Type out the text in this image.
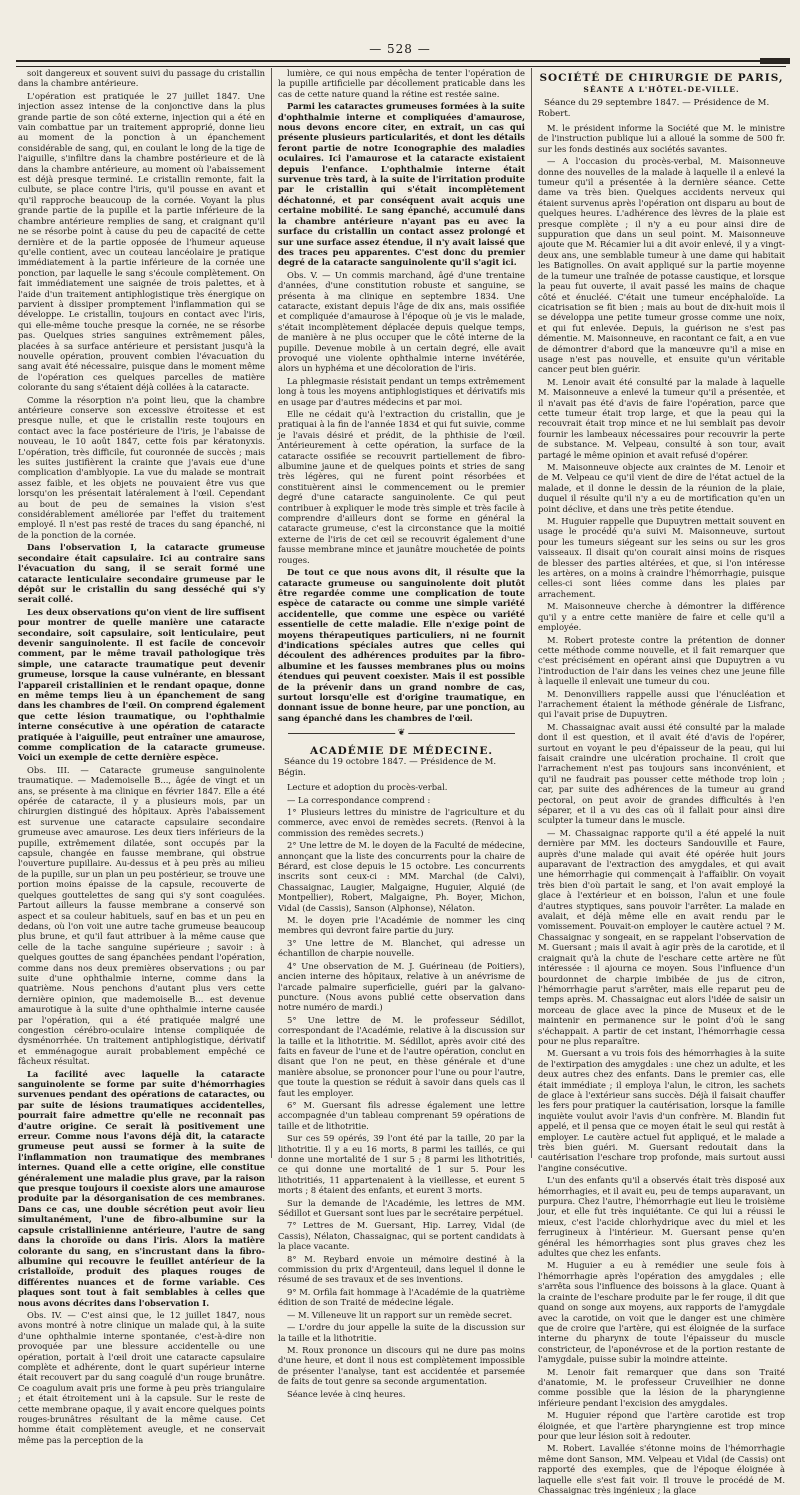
— 528 —

soit dangereux et souvent suivi du passage du cristallin dans la chambre antérieure.

L'opération est pratiquée le 27 juillet 1847. Une injection assez intense de la conjonctive dans la plus grande partie de son côté externe, injection qui a été en vain combattue par un traitement approprié, donne lieu au moment de la ponction à un épanchement considérable de sang, qui, en coulant le long de la tige de l'aiguille, s'infiltre dans la chambre postérieure et de là dans la chambre antérieure, au moment où l'abaissement est déjà presque terminé. Le cristallin remonte, fait la culbute, se place contre l'iris, qu'il pousse en avant et qu'il rapproche beaucoup de la cornée. Voyant la plus grande partie de la pupille et la partie inférieure de la chambre antérieure remplies de sang, et craignant qu'il ne se résorbe point à cause du peu de capacité de cette dernière et de la partie opposée de l'humeur aqueuse qu'elle contient, avec un couteau lancéolaire je pratique immédiatement à la partie inférieure de la cornée une ponction, par laquelle le sang s'écoule complètement. On fait immédiatement une saignée de trois palettes, et à l'aide d'un traitement antiphlogistique très énergique on parvient à dissiper promptement l'inflammation qui se développe. Le cristallin, toujours en contact avec l'iris, qui elle-même touche presque la cornée, ne se résorbe pas. Quelques stries sanguines extrêmement pâles, placées à sa surface antérieure et persistant jusqu'à la nouvelle opération, prouvent combien l'évacuation du sang avait été nécessaire, puisque dans le moment même de l'opération ces quelques parcelles de matière colorante du sang s'étaient déjà collées à la cataracte.

Comme la résorption n'a point lieu, que la chambre antérieure conserve son excessive étroitesse et est presque nulle, et que le cristallin reste toujours en contact avec la face postérieure de l'iris, je l'abaisse de nouveau, le 10 août 1847, cette fois par kératonyxis. L'opération, très difficile, fut couronnée de succès ; mais les suites justifièrent la crainte que j'avais eue d'une complication d'amblyopie. La vue du malade se montrait assez faible, et les objets ne pouvaient être vus que lorsqu'on les présentait latéralement à l'œil. Cependant au bout de peu de semaines la vision s'est considérablement améliorée par l'effet du traitement employé. Il n'est pas resté de traces du sang épanché, ni de la ponction de la cornée.

Dans l'observation I, la cataracte grumeuse secondaire était capsulaire. Ici au contraire sans l'évacuation du sang, il se serait formé une cataracte lenticulaire secondaire grumeuse par le dépôt sur le cristallin du sang desséché qui s'y serait collé.

Les deux observations qu'on vient de lire suffisent pour montrer de quelle manière une cataracte secondaire, soit capsulaire, soit lenticulaire, peut devenir sanguinolente. Il est facile de concevoir comment, par le même travail pathologique très simple, une cataracte traumatique peut devenir grumeuse, lorsque la cause vulnérante, en blessant l'appareil cristallinien et le rendant opaque, donne en même temps lieu à un épanchement de sang dans les chambres de l'œil. On comprend également que cette lésion traumatique, ou l'ophthalmie interne consécutive à une opération de cataracte pratiquée à l'aiguille, peut entraîner une amaurose, comme complication de la cataracte grumeuse. Voici un exemple de cette dernière espèce.

Obs. III. — Cataracte grumeuse sanguinolente traumatique. — Mademoiselle B..., âgée de vingt et un ans, se présente à ma clinique en février 1847. Elle a été opérée de cataracte, il y a plusieurs mois, par un chirurgien distingué des hôpitaux. Après l'abaissement est survenue une cataracte capsulaire secondaire grumeuse avec amaurose. Les deux tiers inférieurs de la pupille, extrêmement dilatée, sont occupés par la capsule, changée en fausse membrane, qui obstrue l'ouverture pupillaire. Au-dessus et à peu près au milieu de la pupille, sur un plan un peu postérieur, se trouve une portion moins épaisse de la capsule, recouverte de quelques gouttelettes de sang qui s'y sont coagulées. Partout ailleurs la fausse membrane a conservé son aspect et sa couleur habituels, sauf en bas et un peu en dedans, où l'on voit une autre tache grumeuse beaucoup plus brune, et qu'il faut attribuer à la même cause que celle de la tache sanguine supérieure ; savoir : à quelques gouttes de sang épanchées pendant l'opération, comme dans nos deux premières observations ; ou par suite d'une ophthalmie interne, comme dans la quatrième. Nous penchons d'autant plus vers cette dernière opinion, que mademoiselle B... est devenue amaurotique à la suite d'une ophthalmie interne causée par l'opération, qui a été pratiquée malgré une congestion cérébro-oculaire intense compliquée de dysménorrhée. Un traitement antiphlogistique, dérivatif et emménagogue aurait probablement empêché ce fâcheux résultat.

La facilité avec laquelle la cataracte sanguinolente se forme par suite d'hémorrhagies survenues pendant des opérations de cataractes, ou par suite de lésions traumatiques accidentelles, pourrait faire admettre qu'elle ne reconnaît pas d'autre origine. Ce serait là positivement une erreur. Comme nous l'avons déjà dit, la cataracte grumeuse peut aussi se former à la suite de l'inflammation non traumatique des membranes internes. Quand elle a cette origine, elle constitue généralement une maladie plus grave, par la raison que presque toujours il coexiste alors une amaurose produite par la désorganisation de ces membranes. Dans ce cas, une double sécrétion peut avoir lieu simultanément, l'une de fibro-albumine sur la capsule cristallinienne antérieure, l'autre de sang dans la choroïde ou dans l'iris. Alors la matière colorante du sang, en s'incrustant dans la fibro-albumine qui recouvre le feuillet antérieur de la cristalloïde, produit des plaques rouges de différentes nuances et de forme variable. Ces plaques sont tout à fait semblables à celles que nous avons décrites dans l'observation I.

Obs. IV. — C'est ainsi que, le 12 juillet 1847, nous avons montré à notre clinique un malade qui, à la suite d'une ophthalmie interne spontanée, c'est-à-dire non provoquée par une blessure accidentelle ou une opération, portait à l'œil droit une cataracte capsulaire complète et adhérente, dont le quart supérieur interne était recouvert par du sang coagulé d'un rouge brunâtre. Ce coagulum avait pris une forme à peu près triangulaire ; et était étroitement uni à la capsule. Sur le reste de cette membrane opaque, il y avait encore quelques points rouges-brunâtres résultant de la même cause. Cet homme était complètement aveugle, et ne conservait même pas la perception de la

lumière, ce qui nous empêcha de tenter l'opération de la pupille artificielle par décollement praticable dans les cas de cette nature quand la rétine est restée saine.

Parmi les cataractes grumeuses formées à la suite d'ophthalmie interne et compliquées d'amaurose, nous devons encore citer, en extrait, un cas qui présente plusieurs particularités, et dont les détails feront partie de notre Iconographie des maladies oculaires. Ici l'amaurose et la cataracte existaient depuis l'enfance. L'ophthalmie interne était survenue très tard, à la suite de l'irritation produite par le cristallin qui s'était incomplètement déchatonné, et par conséquent avait acquis une certaine mobilité. Le sang épanché, accumulé dans la chambre antérieure n'ayant pas eu avec la surface du cristallin un contact assez prolongé et sur une surface assez étendue, il n'y avait laissé que des traces peu apparentes. C'est donc du premier degré de la cataracte sanguinolente qu'il s'agit ici.

Obs. V. — Un commis marchand, âgé d'une trentaine d'années, d'une constitution robuste et sanguine, se présenta à ma clinique en septembre 1834. Une cataracte, existant depuis l'âge de dix ans, mais ossifiée et compliquée d'amaurose à l'époque où je vis le malade, s'était incomplètement déplacée depuis quelque temps, de manière à ne plus occuper que le côté interne de la pupille. Devenue mobile à un certain degré, elle avait provoqué une violente ophthalmie interne invétérée, alors un hyphéma et une décoloration de l'iris.

La phlegmasie résistait pendant un temps extrêmement long à tous les moyens antiphlogistiques et dérivatifs mis en usage par d'autres médecins et par moi.

Elle ne cédait qu'à l'extraction du cristallin, que je pratiquai à la fin de l'année 1834 et qui fut suivie, comme je l'avais désiré et prédit, de la phthisie de l'œil. Antérieurement à cette opération, la surface de la cataracte ossifiée se recouvrit partiellement de fibro-albumine jaune et de quelques points et stries de sang très légères, qui ne furent point résorbées et constituèrent ainsi le commencement ou le premier degré d'une cataracte sanguinolente. Ce qui peut contribuer à expliquer le mode très simple et très facile à comprendre d'ailleurs dont se forme en général la cataracte grumeuse, c'est la circonstance que la moitié externe de l'iris de cet œil se recouvrit également d'une fausse membrane mince et jaunâtre mouchetée de points rouges.

De tout ce que nous avons dit, il résulte que la cataracte grumeuse ou sanguinolente doit plutôt être regardée comme une complication de toute espèce de cataracte ou comme une simple variété accidentelle, que comme une espèce ou variété essentielle de cette maladie. Elle n'exige point de moyens thérapeutiques particuliers, ni ne fournit d'indications spéciales autres que celles qui découlent des adhérences produites par la fibro-albumine et les fausses membranes plus ou moins étendues qui peuvent coexister. Mais il est possible de la prévenir dans un grand nombre de cas, surtout lorsqu'elle est d'origine traumatique, en donnant issue de bonne heure, par une ponction, au sang épanché dans les chambres de l'œil.

❦
ACADÉMIE DE MÉDECINE.

Séance du 19 octobre 1847. — Présidence de M. Bégin.

Lecture et adoption du procès-verbal.

— La correspondance comprend :

1° Plusieurs lettres du ministre de l'agriculture et du commerce, avec envoi de remèdes secrets. (Renvoi à la commission des remèdes secrets.)

2° Une lettre de M. le doyen de la Faculté de médecine, annonçant que la liste des concurrents pour la chaire de Bérard, est close depuis le 15 octobre. Les concurrents inscrits sont ceux-ci : MM. Marchal (de Calvi), Chassaignac, Laugier, Malgaigne, Huguier, Alquié (de Montpellier), Robert, Malgaigne, Ph. Boyer, Michon, Vidal (de Cassis), Sanson (Alphonse), Nélaton.

M. le doyen prie l'Académie de nommer les cinq membres qui devront faire partie du jury.

3° Une lettre de M. Blanchet, qui adresse un échantillon de charpie nouvelle.

4° Une observation de M. J. Guérineau (de Poitiers), ancien interne des hôpitaux, relative à un anévrisme de l'arcade palmaire superficielle, guéri par la galvano-puncture. (Nous avons publié cette observation dans notre numéro de mardi.)

5° Une lettre de M. le professeur Sédillot, correspondant de l'Académie, relative à la discussion sur la taille et la lithotritie. M. Sédillot, après avoir cité des faits en faveur de l'une et de l'autre opération, conclut en disant que l'on ne peut, en thèse générale et d'une manière absolue, se prononcer pour l'une ou pour l'autre, que toute la question se réduit à savoir dans quels cas il faut les employer.

6° M. Guersant fils adresse également une lettre accompagnée d'un tableau comprenant 59 opérations de taille et de lithotritie.

Sur ces 59 opérés, 39 l'ont été par la taille, 20 par la lithotritie. Il y a eu 16 morts, 8 parmi les taillés, ce qui donne une mortalité de 1 sur 5 ; 8 parmi les lithotritiés, ce qui donne une mortalité de 1 sur 5. Pour les lithotritiés, 11 appartenaient à la vieillesse, et eurent 5 morts ; 8 étaient des enfants, et eurent 3 morts.

Sur la demande de l'Académie, les lettres de MM. Sédillot et Guersant sont lues par le secrétaire perpétuel.

7° Lettres de M. Guersant, Hip. Larrey, Vidal (de Cassis), Nélaton, Chassaignac, qui se portent candidats à la place vacante.

8° M. Reybard envoie un mémoire destiné à la commission du prix d'Argenteuil, dans lequel il donne le résumé de ses travaux et de ses inventions.

9° M. Orfila fait hommage à l'Académie de la quatrième édition de son Traité de médecine légale.

— M. Villeneuve lit un rapport sur un remède secret.

— L'ordre du jour appelle la suite de la discussion sur la taille et la lithotritie.

M. Roux prononce un discours qui ne dure pas moins d'une heure, et dont il nous est complètement impossible de présenter l'analyse, tant est accidentée et parsemée de faits de tout genre sa seconde argumentation.

Séance levée à cinq heures.

SOCIÉTÉ DE CHIRURGIE DE PARIS,
SÉANTE A L'HÔTEL-DE-VILLE.

Séance du 29 septembre 1847. — Présidence de M. Robert.

M. le président informe la Société que M. le ministre de l'instruction publique lui a alloué la somme de 500 fr. sur les fonds destinés aux sociétés savantes.

— A l'occasion du procès-verbal, M. Maisonneuve donne des nouvelles de la malade à laquelle il a enlevé la tumeur qu'il a présentée à la dernière séance. Cette dame va très bien. Quelques accidents nerveux qui étaient survenus après l'opération ont disparu au bout de quelques heures. L'adhérence des lèvres de la plaie est presque complète ; il n'y a eu pour ainsi dire de suppuration que dans un seul point. M. Maisonneuve ajoute que M. Récamier lui a dit avoir enlevé, il y a vingt-deux ans, une semblable tumeur à une dame qui habitait les Batignolles. On avait appliqué sur la partie moyenne de la tumeur une traînée de potasse caustique, et lorsque la peau fut ouverte, il avait passé les mains de chaque côté et énucléé. C'était une tumeur encéphaloïde. La cicatrisation se fit bien ; mais au bout de dix-huit mois il se développa une petite tumeur grosse comme une noix, et qui fut enlevée. Depuis, la guérison ne s'est pas démentie. M. Maisonneuve, en racontant ce fait, a en vue de démontrer d'abord que la manœuvre qu'il a mise en usage n'est pas nouvelle, et ensuite qu'un véritable cancer peut bien guérir.

M. Lenoir avait été consulté par la malade à laquelle M. Maisonneuve a enlevé la tumeur qu'il a présentée, et il n'avait pas été d'avis de faire l'opération, parce que cette tumeur était trop large, et que la peau qui la recouvrait était trop mince et ne lui semblait pas devoir fournir les lambeaux nécessaires pour recouvrir la perte de substance. M. Velpeau, consulté à son tour, avait partagé le même opinion et avait refusé d'opérer.

M. Maisonneuve objecte aux craintes de M. Lenoir et de M. Velpeau ce qu'il vient de dire de l'état actuel de la malade, et il donne le dessin de la réunion de la plaie, duquel il résulte qu'il n'y a eu de mortification qu'en un point déclive, et dans une très petite étendue.

M. Huguier rappelle que Dupuytren mettait souvent en usage le procédé qu'a suivi M. Maisonneuve, surtout pour les tumeurs siégeant sur les seins ou sur les gros vaisseaux. Il disait qu'on courait ainsi moins de risques de blesser des parties altérées, et que, si l'on intéresse les artères, on a moins à craindre l'hémorrhagie, puisque celles-ci sont liées comme dans les plaies par arrachement.

M. Maisonneuve cherche à démontrer la différence qu'il y a entre cette manière de faire et celle qu'il a employée.

M. Robert proteste contre la prétention de donner cette méthode comme nouvelle, et il fait remarquer que c'est précisément en opérant ainsi que Dupuytren a vu l'introduction de l'air dans les veines chez une jeune fille à laquelle il enlevait une tumeur du cou.

M. Denonvilliers rappelle aussi que l'énucléation et l'arrachement étaient la méthode générale de Lisfranc, qui l'avait prise de Dupuytren.

M. Chassaignac avait aussi été consulté par la malade dont il est question, et il avait été d'avis de l'opérer, surtout en voyant le peu d'épaisseur de la peau, qui lui faisait craindre une ulcération prochaine. Il croit que l'arrachement n'est pas toujours sans inconvénient, et qu'il ne faudrait pas pousser cette méthode trop loin ; car, par suite des adhérences de la tumeur au grand pectoral, on peut avoir de grandes difficultés à l'en séparer, et il a vu des cas où il fallait pour ainsi dire sculpter la tumeur dans le muscle.

— M. Chassaignac rapporte qu'il a été appelé la nuit dernière par MM. les docteurs Sandouville et Faure, auprès d'une malade qui avait été opérée huit jours auparavant de l'extraction des amygdales, et qui avait une hémorrhagie qui commençait à l'affaiblir. On voyait très bien d'où partait le sang, et l'on avait employé la glace à l'extérieur et en boisson, l'alun et une foule d'autres styptiques, sans pouvoir l'arrêter. La malade en avalait, et déjà même elle en avait rendu par le vomissement. Pouvait-on employer le cautère actuel ? M. Chassaignac y songeait, en se rappelant l'observation de M. Guersant ; mais il avait à agir près de la carotide, et il craignait qu'à la chute de l'eschare cette artère ne fût intéressée : il ajourna ce moyen. Sous l'influence d'un bourdonnet de charpie imbibée de jus de citron, l'hémorrhagie parut s'arrêter, mais elle reparut peu de temps après. M. Chassaignac eut alors l'idée de saisir un morceau de glace avec la pince de Museux et de le maintenir en permanence sur le point d'où le sang s'échappait. A partir de cet instant, l'hémorrhagie cessa pour ne plus reparaître.

M. Guersant a vu trois fois des hémorrhagies à la suite de l'extirpation des amygdales : une chez un adulte, et les deux autres chez des enfants. Dans le premier cas, elle était immédiate ; il employa l'alun, le citron, les sachets de glace à l'extérieur sans succès. Déjà il faisait chauffer les fers pour pratiquer la cautérisation, lorsque la famille inquiète voulut avoir l'avis d'un confrère. M. Blandin fut appelé, et il pensa que ce moyen était le seul qui restât à employer. Le cautère actuel fut appliqué, et le malade a très bien guéri. M. Guersant redoutait dans la cautérisation l'eschare trop profonde, mais surtout aussi l'angine consécutive.

L'un des enfants qu'il a observés était très disposé aux hémorrhagies, et il avait eu, peu de temps auparavant, un purpura. Chez l'autre, l'hémorrhagie eut lieu le troisième jour, et elle fut très inquiétante. Ce qui lui a réussi le mieux, c'est l'acide chlorhydrique avec du miel et les ferrugineux à l'intérieur. M. Guersant pense qu'en général les hémorrhagies sont plus graves chez les adultes que chez les enfants.

M. Huguier a eu à remédier une seule fois à l'hémorrhagie après l'opération des amygdales ; elle s'arrêta sous l'influence des boissons à la glace. Quant à la crainte de l'eschare produite par le fer rouge, il dit que quand on songe aux moyens, aux rapports de l'amygdale avec la carotide, on voit que le danger est une chimère que de croire que l'artère, qui est éloignée de la surface interne du pharynx de toute l'épaisseur du muscle constricteur, de l'aponévrose et de la portion restante de l'amygdale, puisse subir la moindre atteinte.

M. Lenoir fait remarquer que dans son Traité d'anatomie, M. le professeur Cruveilhier ne donne comme possible que la lésion de la pharyngienne inférieure pendant l'excision des amygdales.

M. Huguier répond que l'artère carotide est trop éloignée, et que l'artère pharyngienne est trop mince pour que leur lésion soit à redouter.

M. Robert. Lavallée s'étonne moins de l'hémorrhagie même dont Sanson, MM. Velpeau et Vidal (de Cassis) ont rapporté des exemples, que de l'époque éloignée à laquelle elle s'est fait voir. Il trouve le procédé de M. Chassaignac très ingénieux ; la glace
